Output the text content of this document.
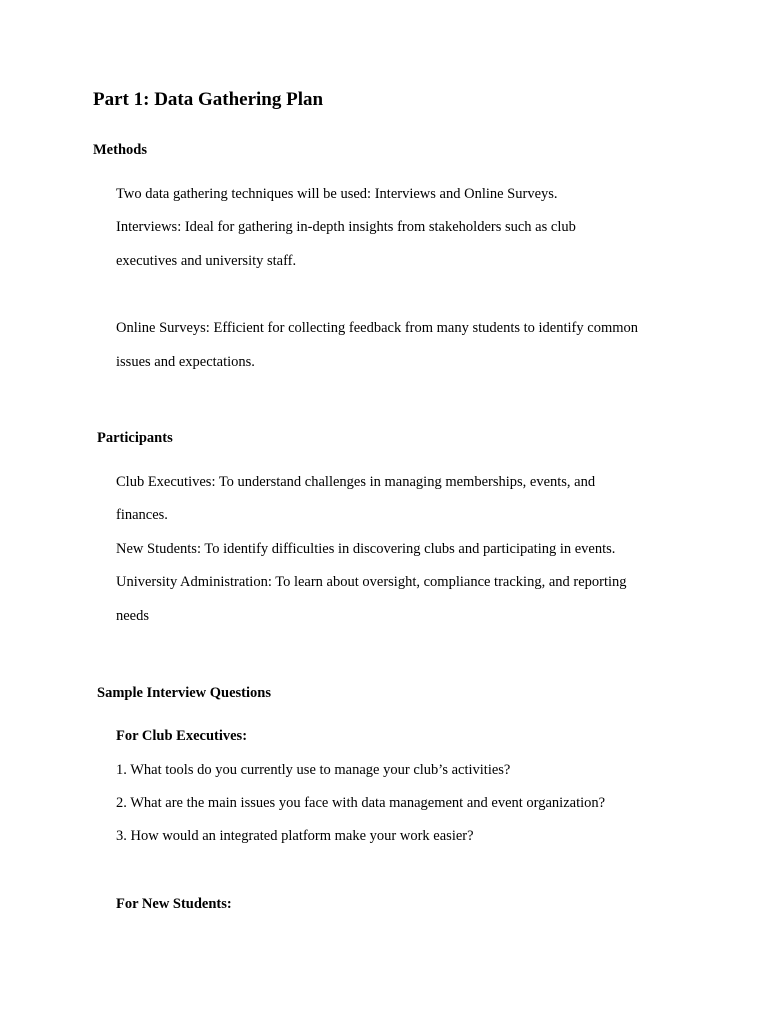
Part 1: Data Gathering Plan
Methods
Two data gathering techniques will be used: Interviews and Online Surveys.
Interviews: Ideal for gathering in-depth insights from stakeholders such as club
executives and university staff.
Online Surveys: Efficient for collecting feedback from many students to identify common
issues and expectations.
Participants
Club Executives: To understand challenges in managing memberships, events, and
finances.
New Students: To identify difficulties in discovering clubs and participating in events.
University Administration: To learn about oversight, compliance tracking, and reporting
needs
Sample Interview Questions
For Club Executives:
1. What tools do you currently use to manage your club’s activities?
2. What are the main issues you face with data management and event organization?
3. How would an integrated platform make your work easier?
For New Students:
